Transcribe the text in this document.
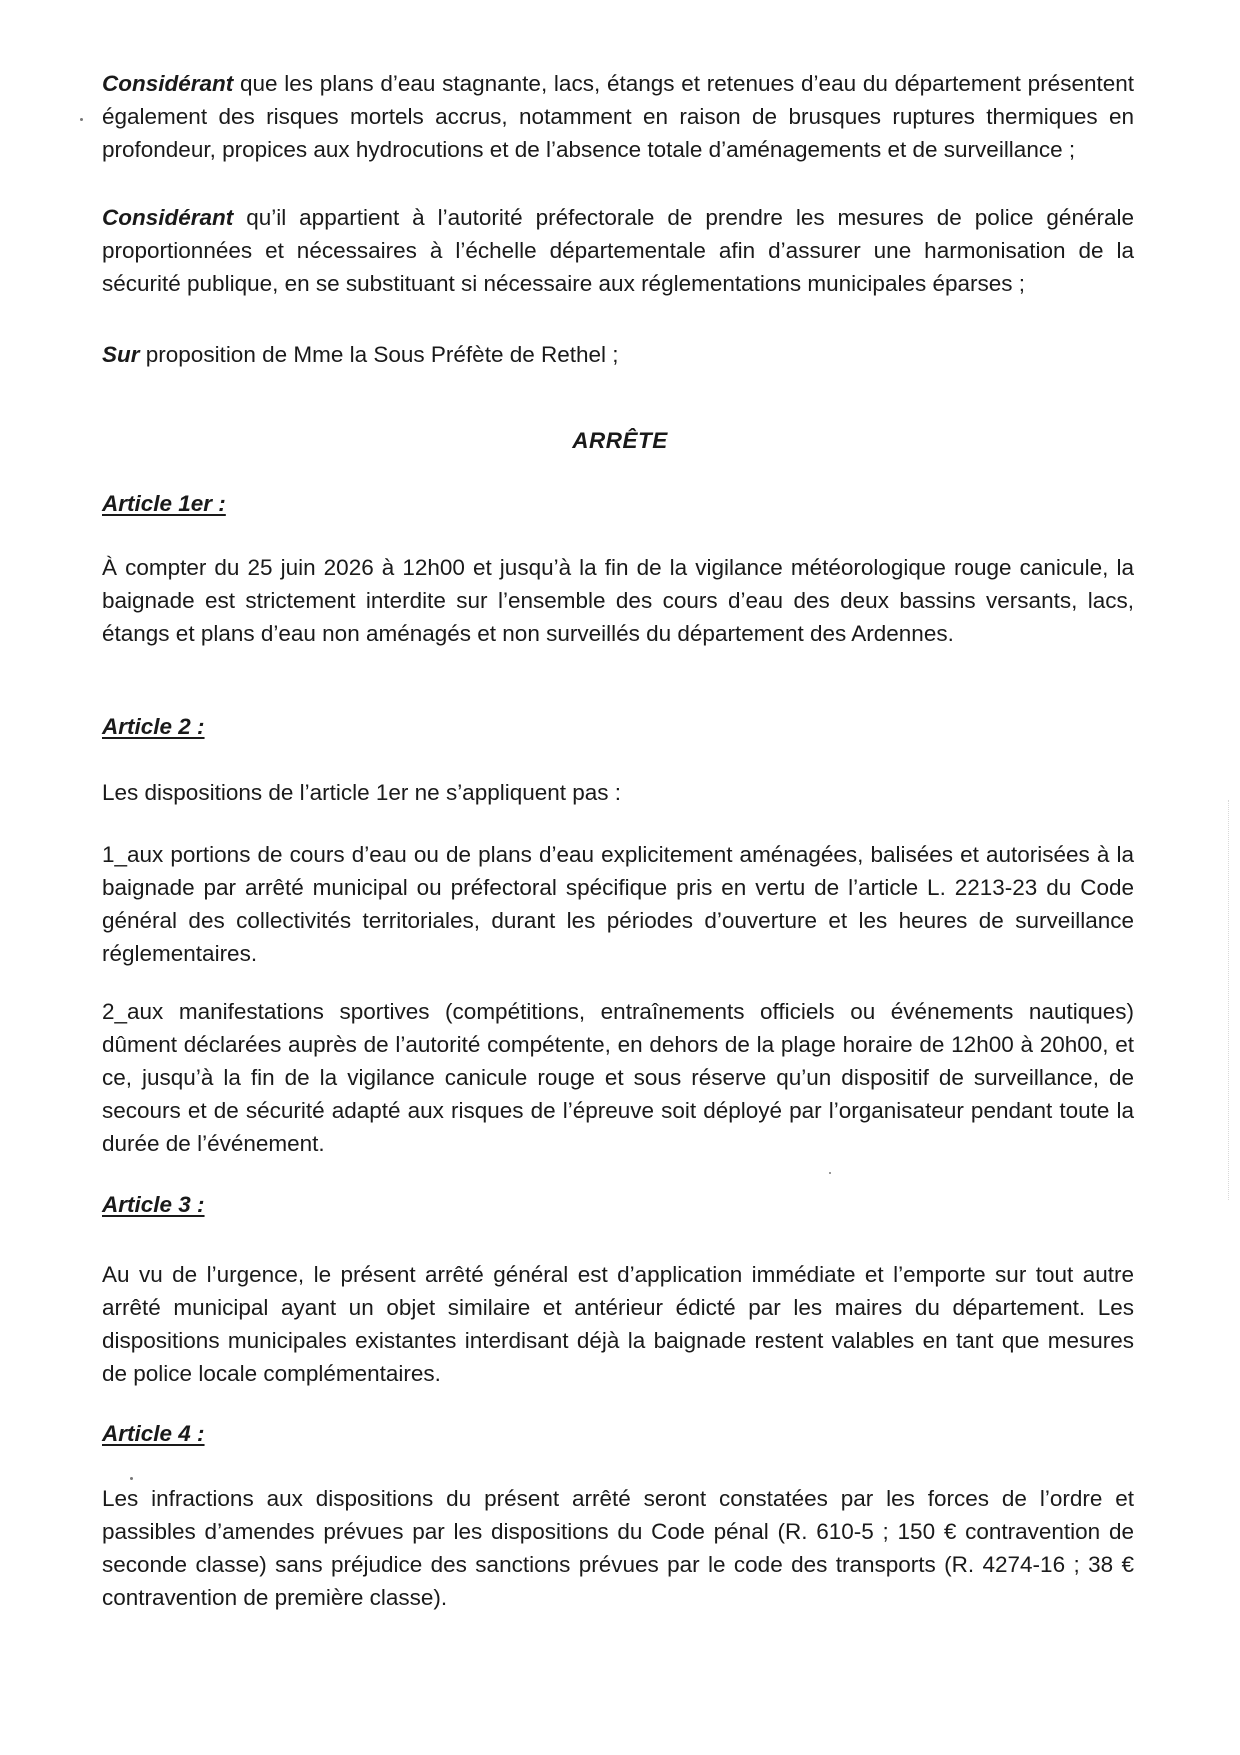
Considérant que les plans d’eau stagnante, lacs, étangs et retenues d’eau du département présentent également des risques mortels accrus, notamment en raison de brusques ruptures thermiques en profondeur, propices aux hydrocutions et de l’absence totale d’aménagements et de surveillance ;

Considérant qu’il appartient à l’autorité préfectorale de prendre les mesures de police générale proportionnées et nécessaires à l’échelle départementale afin d’assurer une harmonisation de la sécurité publique, en se substituant si nécessaire aux réglementations municipales éparses ;

Sur proposition de Mme la Sous Préfète de Rethel ;

ARRÊTE
Article 1er :

À compter du 25 juin 2026 à 12h00 et jusqu’à la fin de la vigilance météorologique rouge canicule, la baignade est strictement interdite sur l’ensemble des cours d’eau des deux bassins versants, lacs, étangs et plans d’eau non aménagés et non surveillés du département des Ardennes.

Article 2 :

Les dispositions de l’article 1er ne s’appliquent pas :

1_aux portions de cours d’eau ou de plans d’eau explicitement aménagées, balisées et autorisées à la baignade par arrêté municipal ou préfectoral spécifique pris en vertu de l’article L. 2213-23 du Code général des collectivités territoriales, durant les périodes d’ouverture et les heures de surveillance réglementaires.

2_aux manifestations sportives (compétitions, entraînements officiels ou événements nautiques) dûment déclarées auprès de l’autorité compétente, en dehors de la plage horaire de 12h00 à 20h00, et ce, jusqu’à la fin de la vigilance canicule rouge et sous réserve qu’un dispositif de surveillance, de secours et de sécurité adapté aux risques de l’épreuve soit déployé par l’organisateur pendant toute la durée de l’événement.

Article 3 :

Au vu de l’urgence, le présent arrêté général est d’application immédiate et l’emporte sur tout autre arrêté municipal ayant un objet similaire et antérieur édicté par les maires du département. Les dispositions municipales existantes interdisant déjà la baignade restent valables en tant que mesures de police locale complémentaires.

Article 4 :

Les infractions aux dispositions du présent arrêté seront constatées par les forces de l’ordre et passibles d’amendes prévues par les dispositions du Code pénal (R. 610-5 ; 150 € contravention de seconde classe) sans préjudice des sanctions prévues par le code des transports (R. 4274-16 ; 38 € contravention de première classe).
